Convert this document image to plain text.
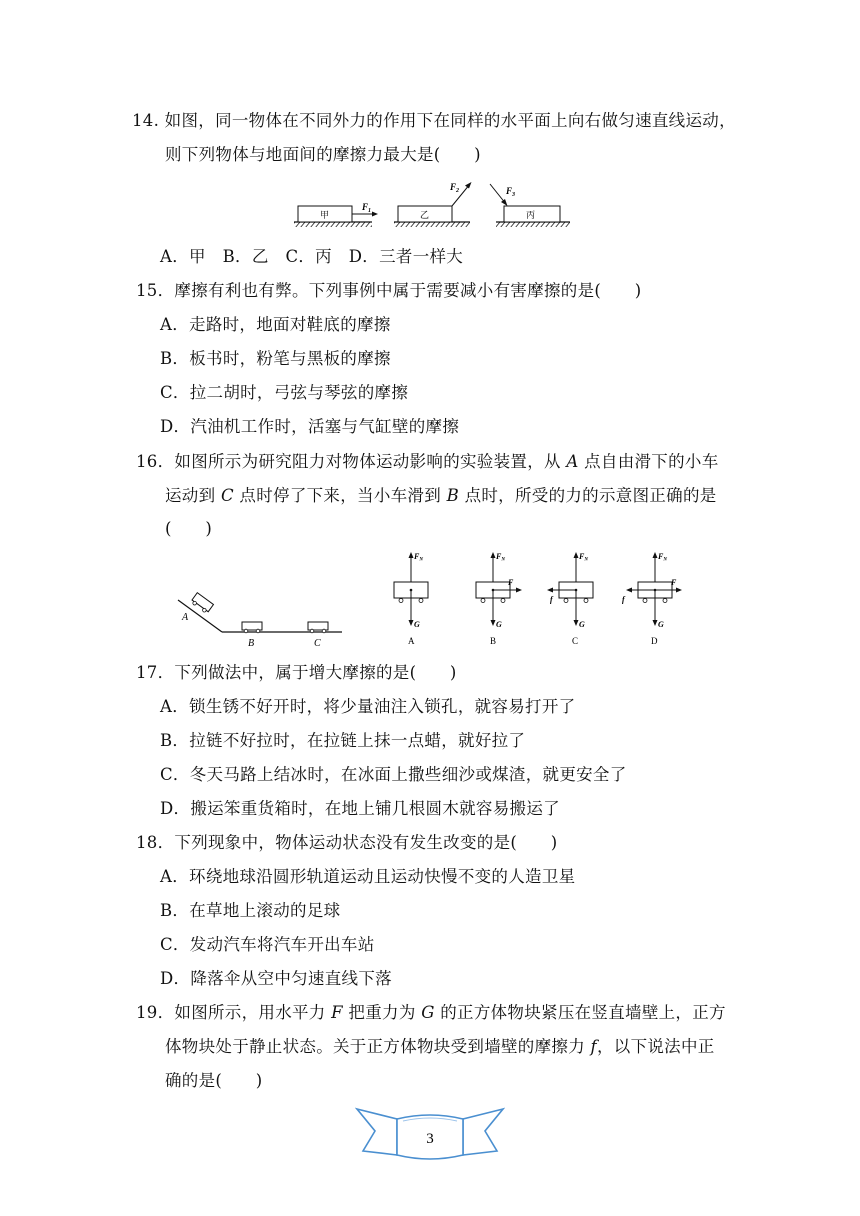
14. 如图，同一物体在不同外力的作用下在同样的水平面上向右做匀速直线运动，
则下列物体与地面间的摩擦力最大是(　　)
甲
$F_1$	乙
$F_2$
丙
$F_3$
A．甲　B．乙　C．丙　D．三者一样大
15．摩擦有利也有弊。下列事例中属于需要减小有害摩擦的是(　　)
A．走路时，地面对鞋底的摩擦
B．板书时，粉笔与黑板的摩擦
C．拉二胡时，弓弦与琴弦的摩擦
D．汽油机工作时，活塞与气缸壁的摩擦
16．如图所示为研究阻力对物体运动影响的实验装置，从 A 点自由滑下的小车
运动到 C 点时停了下来，当小车滑到 B 点时，所受的力的示意图正确的是
(　　)
A
B	C
FN
G
A
FN
F
G
B
FN
f
G
C
FN
f
F
G
D
17．下列做法中，属于增大摩擦的是(　　)
A．锁生锈不好开时，将少量油注入锁孔，就容易打开了
B．拉链不好拉时，在拉链上抹一点蜡，就好拉了
C．冬天马路上结冰时，在冰面上撒些细沙或煤渣，就更安全了
D．搬运笨重货箱时，在地上铺几根圆木就容易搬运了
18．下列现象中，物体运动状态没有发生改变的是(　　)
A．环绕地球沿圆形轨道运动且运动快慢不变的人造卫星
B．在草地上滚动的足球
C．发动汽车将汽车开出车站
D．降落伞从空中匀速直线下落
19．如图所示，用水平力 F 把重力为 G 的正方体物块紧压在竖直墙壁上，正方
体物块处于静止状态。关于正方体物块受到墙壁的摩擦力 f，以下说法中正
确的是(　　)
3
